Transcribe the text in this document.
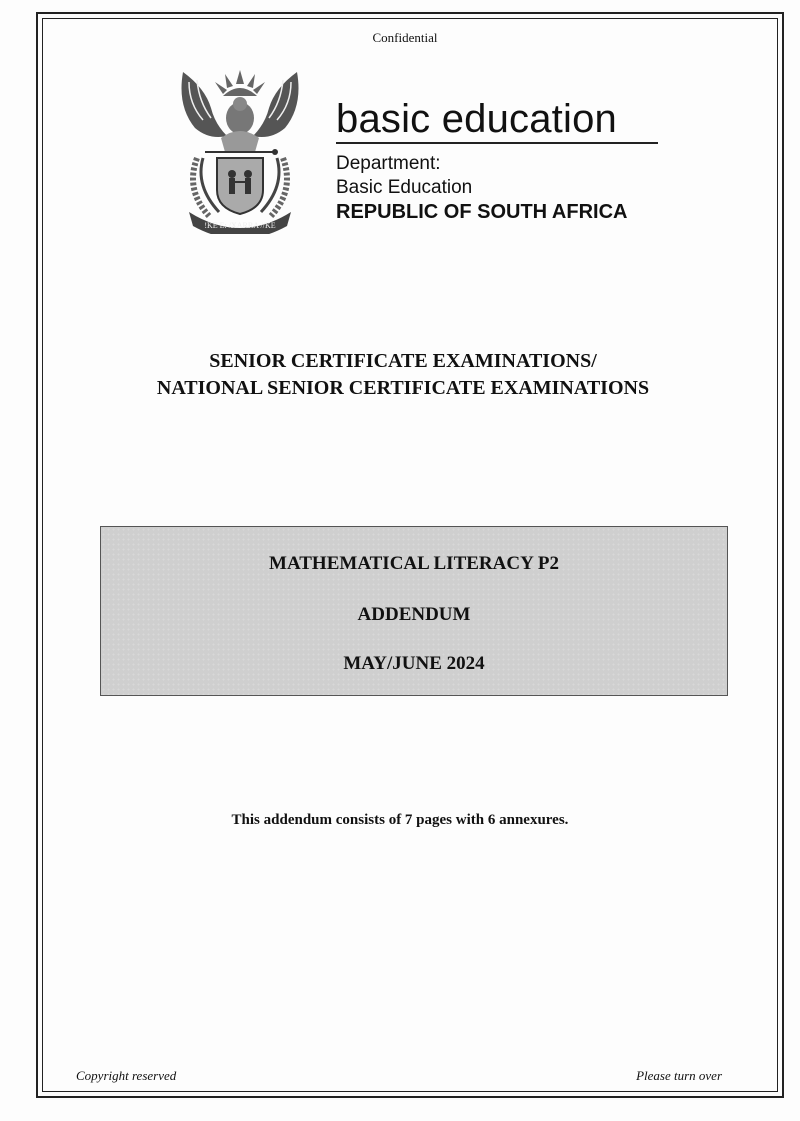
Confidential
!KE E: /XARRA //KE
basic education
Department:
Basic Education
REPUBLIC OF SOUTH AFRICA
SENIOR CERTIFICATE EXAMINATIONS/
NATIONAL SENIOR CERTIFICATE EXAMINATIONS
MATHEMATICAL LITERACY P2
ADDENDUM
MAY/JUNE 2024
This addendum consists of 7 pages with 6 annexures.
Copyright reserved	Please turn over
